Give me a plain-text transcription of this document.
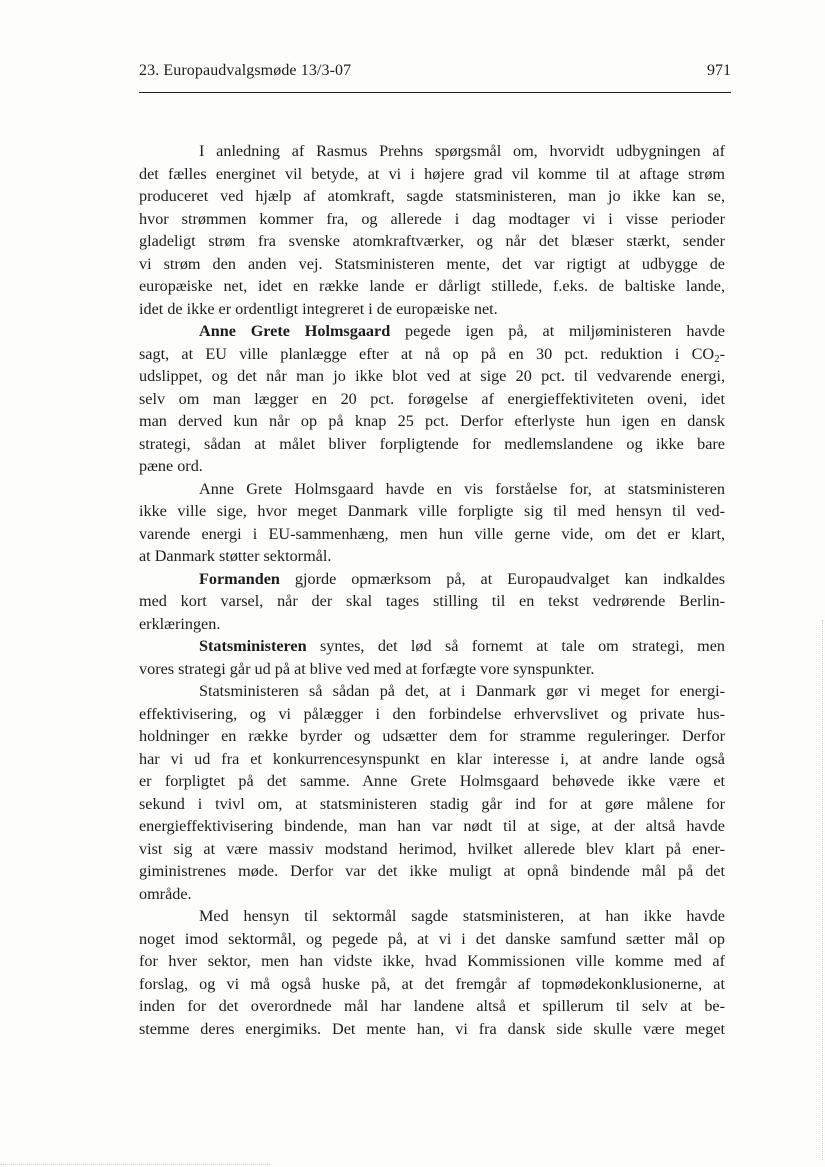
23. Europaudvalgsmøde 13/3-07	971
I anledning af Rasmus Prehns spørgsmål om, hvorvidt udbygningen af
det fælles energinet vil betyde, at vi i højere grad vil komme til at aftage strøm
produceret ved hjælp af atomkraft, sagde statsministeren, man jo ikke kan se,
hvor strømmen kommer fra, og allerede i dag modtager vi i visse perioder
gladeligt strøm fra svenske atomkraftværker, og når det blæser stærkt, sender
vi strøm den anden vej. Statsministeren mente, det var rigtigt at udbygge de
europæiske net, idet en række lande er dårligt stillede, f.eks. de baltiske lande,
idet de ikke er ordentligt integreret i de europæiske net.
Anne Grete Holmsgaard pegede igen på, at miljøministeren havde
sagt, at EU ville planlægge efter at nå op på en 30 pct. reduktion i $CO_2-$
udslippet, og det når man jo ikke blot ved at sige 20 pct. til vedvarende energi,
selv om man lægger en 20 pct. forøgelse af energieffektiviteten oveni, idet
man derved kun når op på knap 25 pct. Derfor efterlyste hun igen en dansk
strategi, sådan at målet bliver forpligtende for medlemslandene og ikke bare
pæne ord.
Anne Grete Holmsgaard havde en vis forståelse for, at statsministeren
ikke ville sige, hvor meget Danmark ville forpligte sig til med hensyn til ved-
varende energi i EU-sammenhæng, men hun ville gerne vide, om det er klart,
at Danmark støtter sektormål.
Formanden gjorde opmærksom på, at Europaudvalget kan indkaldes
med kort varsel, når der skal tages stilling til en tekst vedrørende Berlin-
erklæringen.
Statsministeren syntes, det lød så fornemt at tale om strategi, men
vores strategi går ud på at blive ved med at forfægte vore synspunkter.
Statsministeren så sådan på det, at i Danmark gør vi meget for energi-
effektivisering, og vi pålægger i den forbindelse erhvervslivet og private hus-
holdninger en række byrder og udsætter dem for stramme reguleringer. Derfor
har vi ud fra et konkurrencesynspunkt en klar interesse i, at andre lande også
er forpligtet på det samme. Anne Grete Holmsgaard behøvede ikke være et
sekund i tvivl om, at statsministeren stadig går ind for at gøre målene for
energieffektivisering bindende, man han var nødt til at sige, at der altså havde
vist sig at være massiv modstand herimod, hvilket allerede blev klart på ener-
giministrenes møde. Derfor var det ikke muligt at opnå bindende mål på det
område.
Med hensyn til sektormål sagde statsministeren, at han ikke havde
noget imod sektormål, og pegede på, at vi i det danske samfund sætter mål op
for hver sektor, men han vidste ikke, hvad Kommissionen ville komme med af
forslag, og vi må også huske på, at det fremgår af topmødekonklusionerne, at
inden for det overordnede mål har landene altså et spillerum til selv at be-
stemme deres energimiks. Det mente han, vi fra dansk side skulle være meget
